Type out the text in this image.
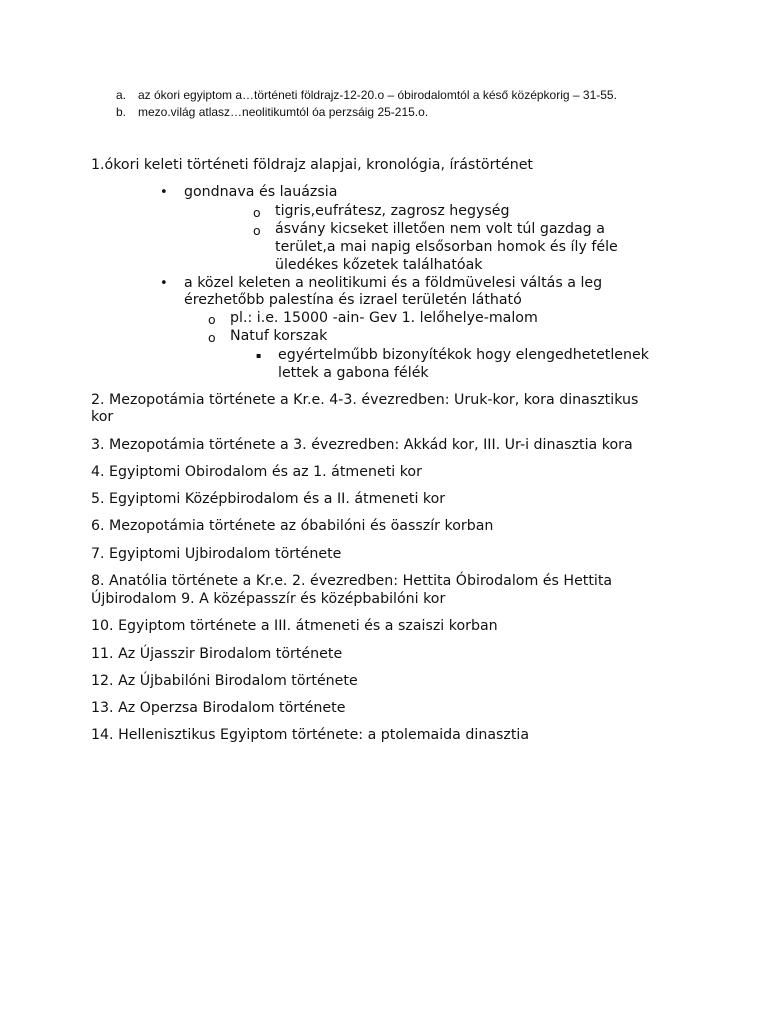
a. az ókori egyiptom a…történeti földrajz-12-20.o – óbirodalomtól a késő középkorig – 31-55.
b. mezo.világ atlasz…neolitikumtól óa perzsáig 25-215.o.
1.ókori keleti történeti földrajz alapjai, kronológia, írástörténet
• gondnava és lauázsia
o tigris,eufrátesz, zagrosz hegység
o ásvány kicseket illetően nem volt túl gazdag a
terület,a mai napig elsősorban homok és íly féle
üledékes kőzetek találhatóak
• a közel keleten a neolitikumi és a földmüvelesi váltás a leg
érezhetőbb palestína és izrael területén látható
o pl.: i.e. 15000 -ain- Gev 1. lelőhelye-malom
o Natuf korszak
▪ egyértelműbb bizonyítékok hogy elengedhetetlenek
lettek a gabona félék
2. Mezopotámia története a Kr.e. 4-3. évezredben: Uruk-kor, kora dinasztikus
kor
3. Mezopotámia története a 3. évezredben: Akkád kor, III. Ur-i dinasztia kora
4. Egyiptomi Obirodalom és az 1. átmeneti kor
5. Egyiptomi Középbirodalom és a II. átmeneti kor
6. Mezopotámia története az óbabilóni és öasszír korban
7. Egyiptomi Ujbirodalom története
8. Anatólia története a Kr.e. 2. évezredben: Hettita Óbirodalom és Hettita
Újbirodalom 9. A középasszír és középbabilóni kor
10. Egyiptom története a III. átmeneti és a szaiszi korban
11. Az Újasszir Birodalom története
12. Az Újbabilóni Birodalom története
13. Az Operzsa Birodalom története
14. Hellenisztikus Egyiptom története: a ptolemaida dinasztia
